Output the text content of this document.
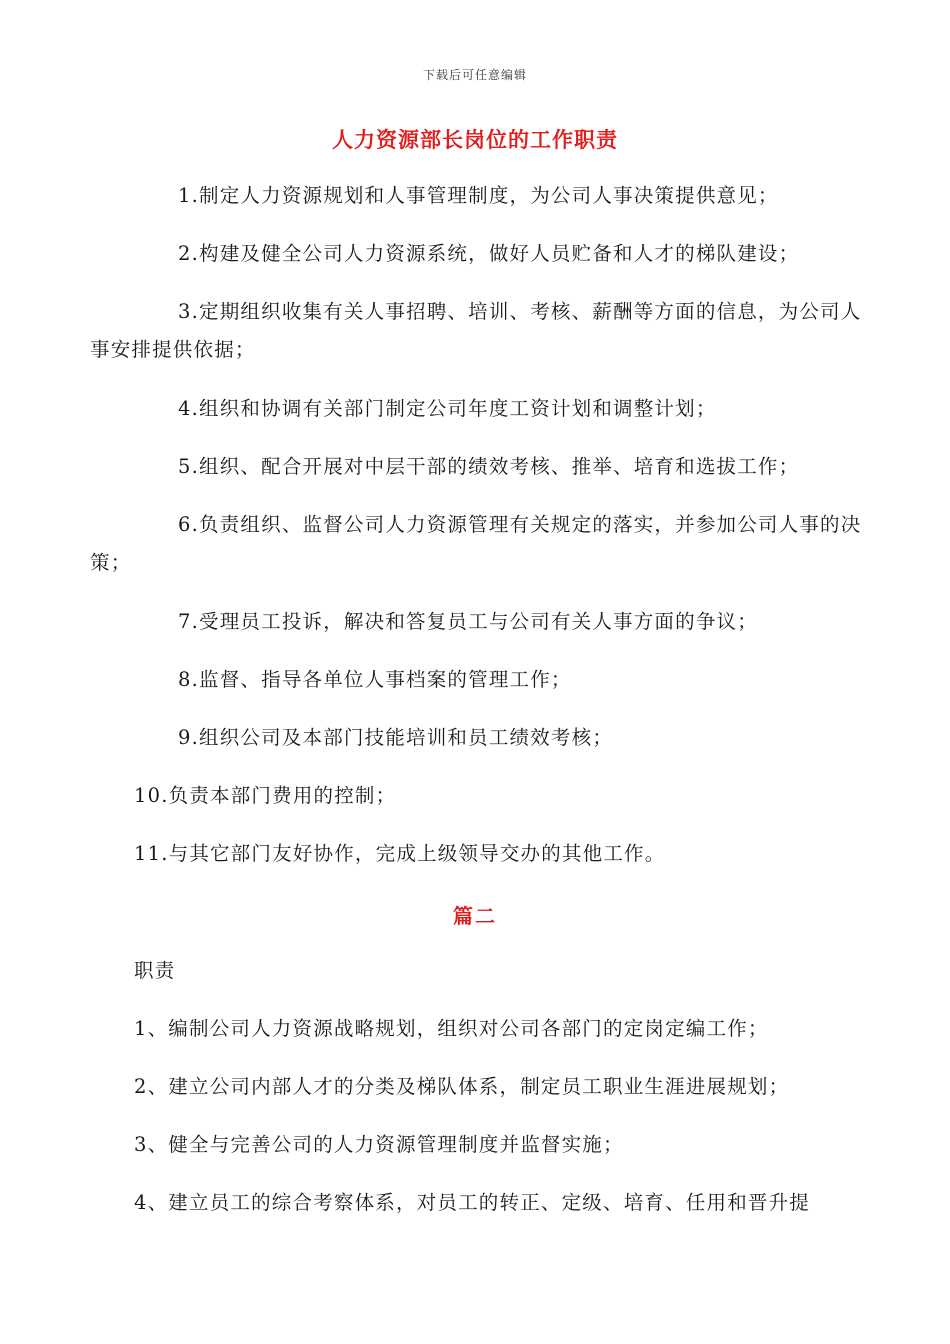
下载后可任意编辑
人力资源部长岗位的工作职责
1.制定人力资源规划和人事管理制度，为公司人事决策提供意见；
2.构建及健全公司人力资源系统，做好人员贮备和人才的梯队建设；
3.定期组织收集有关人事招聘、培训、考核、薪酬等方面的信息，为公司人事安排提供依据；
4.组织和协调有关部门制定公司年度工资计划和调整计划；
5.组织、配合开展对中层干部的绩效考核、推举、培育和选拔工作；
6.负责组织、监督公司人力资源管理有关规定的落实，并参加公司人事的决策；
7.受理员工投诉，解决和答复员工与公司有关人事方面的争议；
8.监督、指导各单位人事档案的管理工作；
9.组织公司及本部门技能培训和员工绩效考核；
10.负责本部门费用的控制；
11.与其它部门友好协作，完成上级领导交办的其他工作。
篇二
职责
1、编制公司人力资源战略规划，组织对公司各部门的定岗定编工作；
2、建立公司内部人才的分类及梯队体系，制定员工职业生涯进展规划；
3、健全与完善公司的人力资源管理制度并监督实施；
4、建立员工的综合考察体系，对员工的转正、定级、培育、任用和晋升提
